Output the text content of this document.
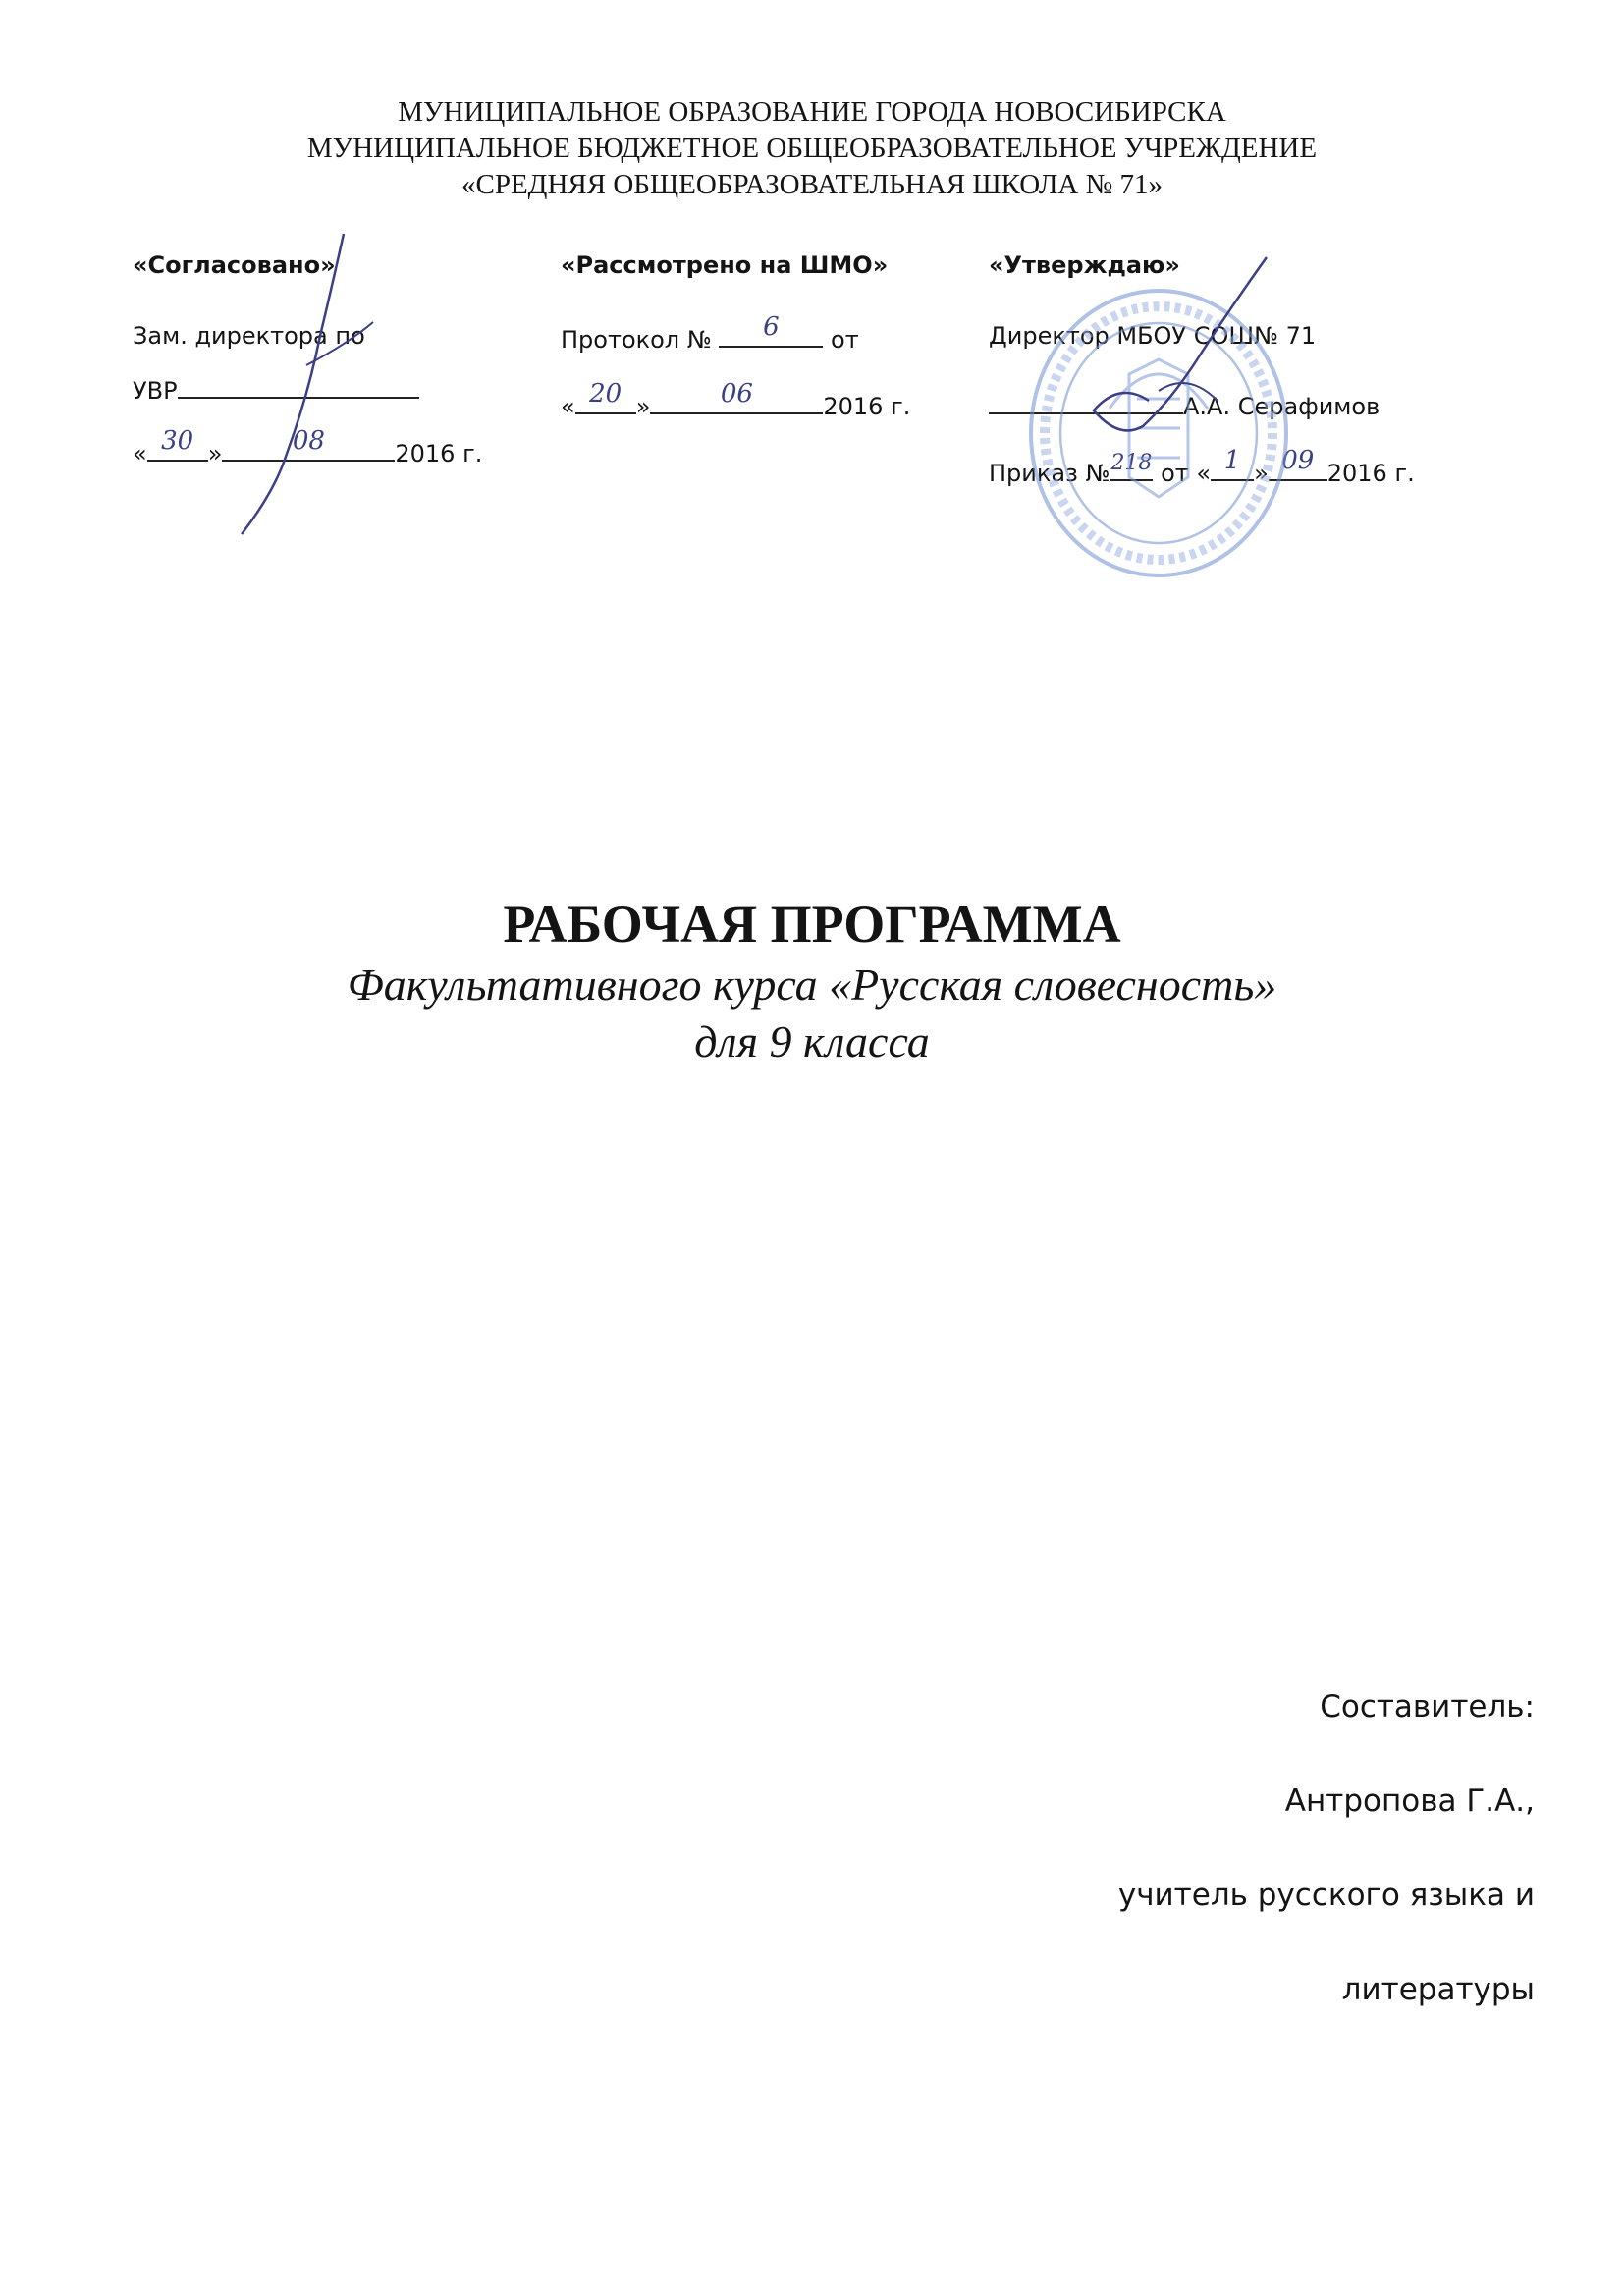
МУНИЦИПАЛЬНОЕ ОБРАЗОВАНИЕ ГОРОДА НОВОСИБИРСКА
МУНИЦИПАЛЬНОЕ БЮДЖЕТНОЕ ОБЩЕОБРАЗОВАТЕЛЬНОЕ УЧРЕЖДЕНИЕ
«СРЕДНЯЯ ОБЩЕОБРАЗОВАТЕЛЬНАЯ ШКОЛА № 71»
«Согласовано»
Зам. директора по
УВР
« 30 »	08	2016 г.
«Рассмотрено на ШМО»
Протокол №	6	от
« 20 »	06	2016 г.
«Утверждаю»
Директор МБОУ СОШ№ 71
А.А. Серафимов
Приказ № 218 от « 1 » 09 2016 г.
РАБОЧАЯ ПРОГРАММА
Факультативного курса «Русская словесность»
для 9 класса
Составитель:
Антропова Г.А.,
учитель русского языка и
литературы
